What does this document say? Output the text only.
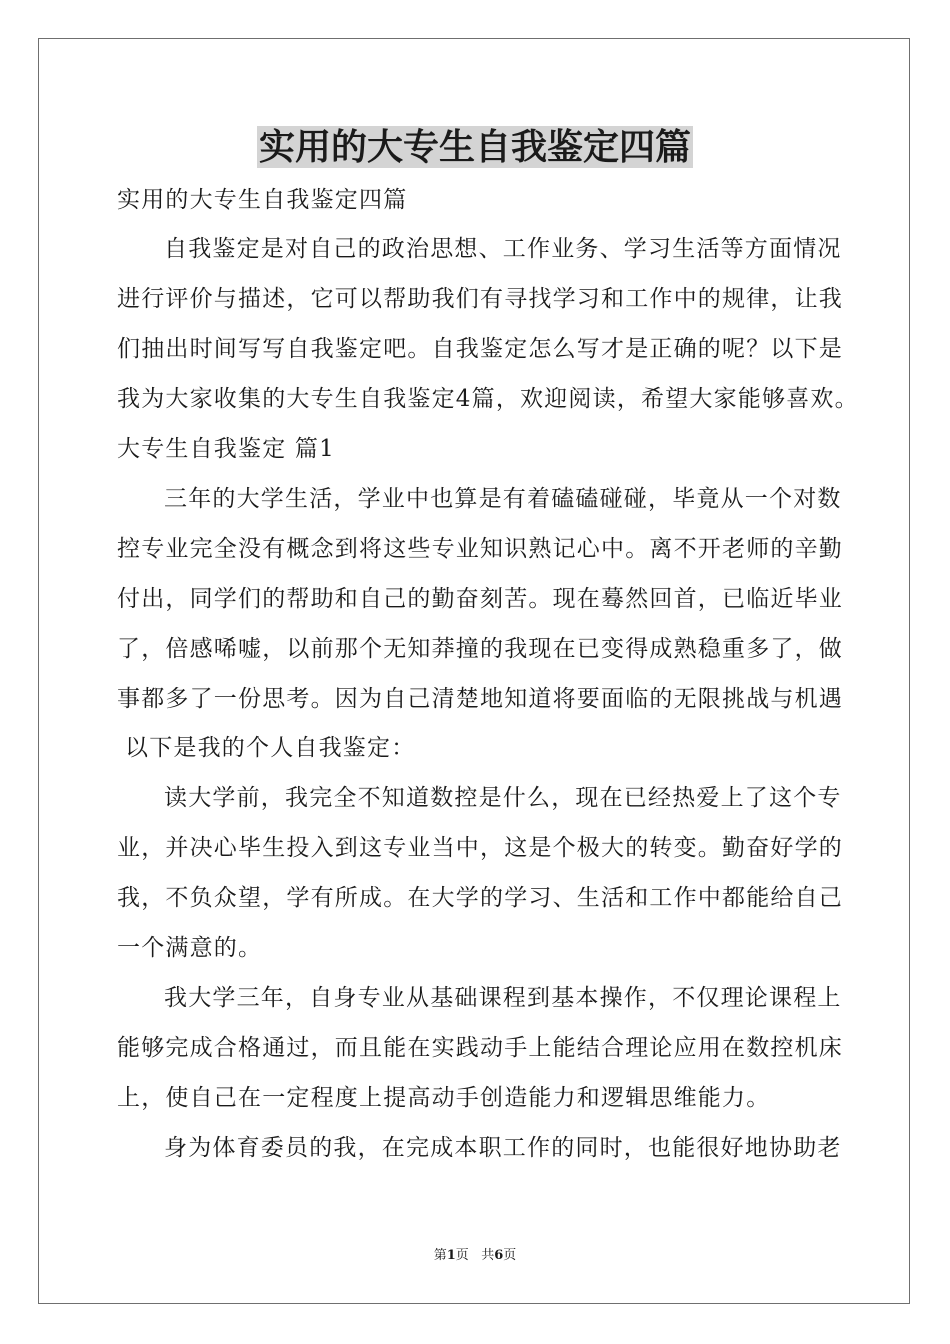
实用的大专生自我鉴定四篇
实用的大专生自我鉴定四篇
自我鉴定是对自己的政治思想、工作业务、学习生活等方面情况
进行评价与描述，它可以帮助我们有寻找学习和工作中的规律，让我
们抽出时间写写自我鉴定吧。自我鉴定怎么写才是正确的呢？以下是
我为大家收集的大专生自我鉴定4篇，欢迎阅读，希望大家能够喜欢。
大专生自我鉴定 篇1
三年的大学生活，学业中也算是有着磕磕碰碰，毕竟从一个对数
控专业完全没有概念到将这些专业知识熟记心中。离不开老师的辛勤
付出，同学们的帮助和自己的勤奋刻苦。现在蓦然回首，已临近毕业
了，倍感唏嘘，以前那个无知莽撞的我现在已变得成熟稳重多了，做
事都多了一份思考。因为自己清楚地知道将要面临的无限挑战与机遇
以下是我的个人自我鉴定：
读大学前，我完全不知道数控是什么，现在已经热爱上了这个专
业，并决心毕生投入到这专业当中，这是个极大的转变。勤奋好学的
我，不负众望，学有所成。在大学的学习、生活和工作中都能给自己
一个满意的。
我大学三年，自身专业从基础课程到基本操作，不仅理论课程上
能够完成合格通过，而且能在实践动手上能结合理论应用在数控机床
上，使自己在一定程度上提高动手创造能力和逻辑思维能力。
身为体育委员的我，在完成本职工作的同时，也能很好地协助老
第1页 共6页
